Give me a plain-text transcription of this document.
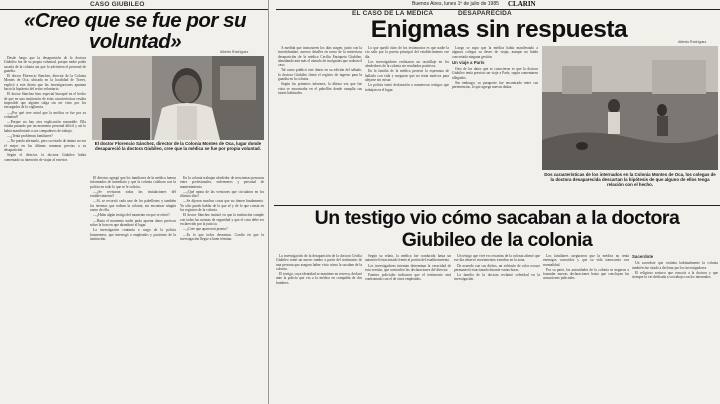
Buenos Aires, lunes 1º de julio de 1985 CLARIN
CASO GIUBILEO
«Creo que se fue por su voluntad»

Desde luego que la desaparición de la doctora Giubileo fue de su propia voluntad, porque nadie podía sacarla de la colonia sin que lo advirtiera el personal de guardia.

El doctor Florencio Sánchez, director de la Colonia Montes de Oca, ubicada en la localidad de Torres, explicó a este diario que las investigaciones apuntan hacia la hipótesis del retiro voluntario.

El doctor Sánchez hizo especial hincapié en el hecho de que en una institución de estas características resulta imposible que alguien salga sin ser visto por los encargados de la vigilancia.

—¿Por qué cree usted que la médica se fue por su voluntad?

—Porque no hay otra explicación razonable. Ella estaba pasando por un momento personal difícil y así lo había manifestado a sus compañeros de trabajo.

—¿Tenía problemas familiares?

—No puedo afirmarlo, pero su estado de ánimo no era el mejor en las últimas semanas previas a su desaparición.

Según el director, la doctora Giubileo había comentado su intención de viajar al exterior.

El director agregó que los familiares de la médica fueron informados de inmediato y que la colonia colabora con la policía en todo lo que se le solicita.

—¿Se revisaron todas las instalaciones del establecimiento?

—Sí, se recorrió cada uno de los pabellones y también los terrenos que rodean la colonia, sin encontrar ningún rastro de ella.

—¿Hubo algún testigo del momento en que se retiró?

—Hasta el momento nadie pudo aportar datos precisos sobre la hora en que abandonó el lugar.

La investigación continúa a cargo de la policía bonaerense, que interrogó a empleados y pacientes de la institución.

En la colonia trabajan alrededor de trescientas personas entre profesionales, enfermeros y personal de mantenimiento.

—¿Qué opina de las versiones que circularon en los últimos días?

—Se dijeron muchas cosas que no tienen fundamento. Yo sólo puedo hablar de lo que sé y de lo que consta en los registros de la colonia.

El doctor Sánchez insistió en que la institución cumple con todas las normas de seguridad y que el caso debe ser esclarecido por la justicia.

—¿Cree que aparecerá pronto?

—Es lo que todos deseamos. Confío en que la investigación llegue a buen término.

Alberto Rodríguez
El doctor Florencio Sánchez, director de la Colonia Montes de Oca, lugar donde desapareció la doctora Giubileo, cree que la médica se fue por propia voluntad.
EL CASO DE LA MEDICA	DESAPARECIDA
Enigmas sin respuesta

A medida que transcurren los días surgen, junto con la incertidumbre, nuevos detalles en torno de la misteriosa desaparición de la médica Cecilia Enriqueta Giubileo, ahondando aún más el cúmulo de incógnitas que rodean el caso.

Tal como publicó este diario en su edición del sábado, la doctora Giubileo firmó el registro de ingreso para la guardia en la colonia.

Según los primeros informes, la última vez que fue vista se encontraba en el pabellón donde cumplía sus tareas habituales.

Lo que quedó claro de los testimonios es que nadie la vio salir por la puerta principal del establecimiento ese día.

Los investigadores realizaron un rastrillaje en los alrededores de la colonia sin resultados positivos.

En la familia de la médica persiste la esperanza de hallarla con vida y aseguran que no tenía motivos para alejarse sin avisar.

La policía tomó declaración a numerosos testigos que trabajan en el lugar.

Luego se supo que la médica había manifestado a algunos colegas su deseo de viajar, aunque no había concretado ninguna gestión.

Un viaje a París

Otro de los datos que se conocieron es que la doctora Giubileo tenía previsto un viaje a París, según comentaron allegados.

Sin embargo, su pasaporte fue encontrado entre sus pertenencias, lo que agrega nuevas dudas.

Alberto Rodríguez
Dos características de los internados en la Colonia Montes de Oca, los colegas de la doctora desaparecida descartan la hipótesis de que alguno de ellos tenga relación con el hecho.
Un testigo vio cómo sacaban a la doctora Giubileo de la colonia

La investigación de la desaparición de la doctora Cecilia Giubileo tomó un nuevo rumbo a partir del testimonio de una persona que asegura haber visto cómo la sacaban de la colonia.

El testigo, cuya identidad se mantiene en reserva, declaró ante la policía que vio a la médica en compañía de dos hombres.

Según su relato, la médica fue conducida hasta un automóvil estacionado frente al portón del establecimiento.

Los investigadores intentan determinar la veracidad de esta versión, que contradice las declaraciones del director.

Fuentes policiales indicaron que el testimonio será confrontado con el de otros empleados.

Un testigo que vive en cercanías de la colonia afirmó que ese día observó movimientos extraños en la zona.

De acuerdo con sus dichos, un vehículo de color oscuro permaneció estacionado durante varias horas.

La familia de la doctora reclamó celeridad en la investigación.

Los familiares aseguraron que la médica no tenía enemigos conocidos y que su vida transcurría con normalidad.

Por su parte, las autoridades de la colonia se negaron a formular nuevas declaraciones hasta que concluyan las actuaciones judiciales.

Sacerdote

Un sacerdote que visitaba habitualmente la colonia también fue citado a declarar por los investigadores.

El religioso sostuvo que conocía a la doctora y que siempre la vio dedicada a su trabajo con los internados.
